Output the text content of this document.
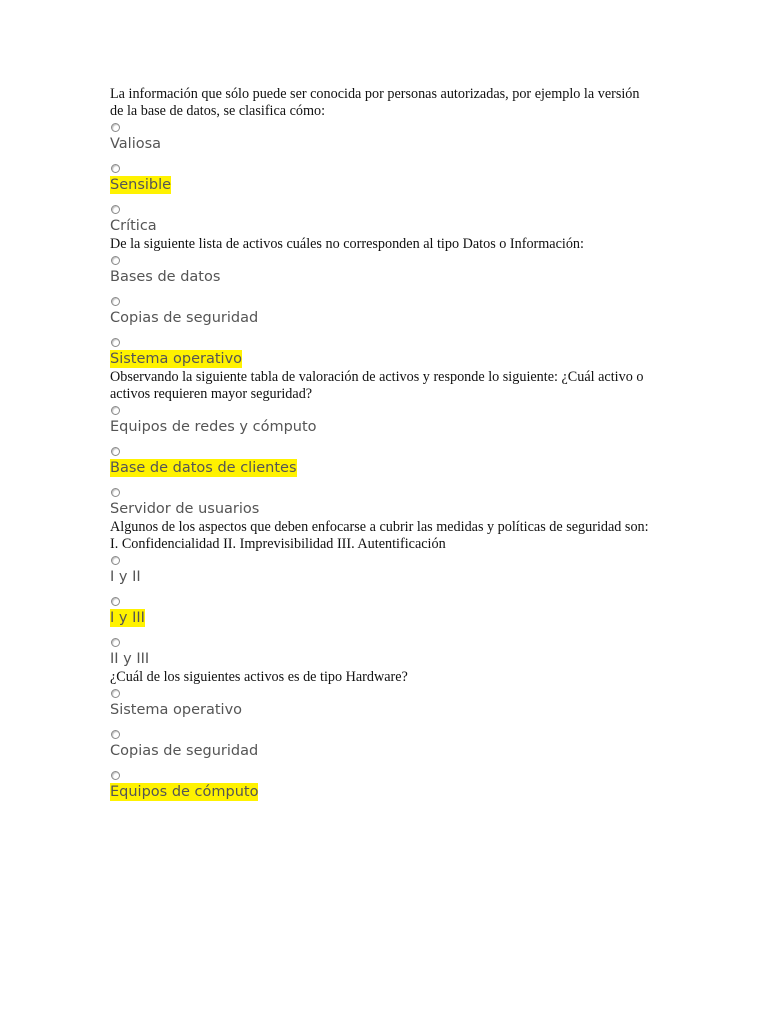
La información que sólo puede ser conocida por personas autorizadas, por ejemplo la versión de la base de datos, se clasifica cómo:

Valiosa
Sensible
Crítica

De la siguiente lista de activos cuáles no corresponden al tipo Datos o Información:

Bases de datos
Copias de seguridad
Sistema operativo

Observando la siguiente tabla de valoración de activos y responde lo siguiente: ¿Cuál activo o activos requieren mayor seguridad?

Equipos de redes y cómputo
Base de datos de clientes
Servidor de usuarios

Algunos de los aspectos que deben enfocarse a cubrir las medidas y políticas de seguridad son: I. Confidencialidad II. Imprevisibilidad III. Autentificación

I y II
I y III
II y III

¿Cuál de los siguientes activos es de tipo Hardware?

Sistema operativo
Copias de seguridad
Equipos de cómputo
